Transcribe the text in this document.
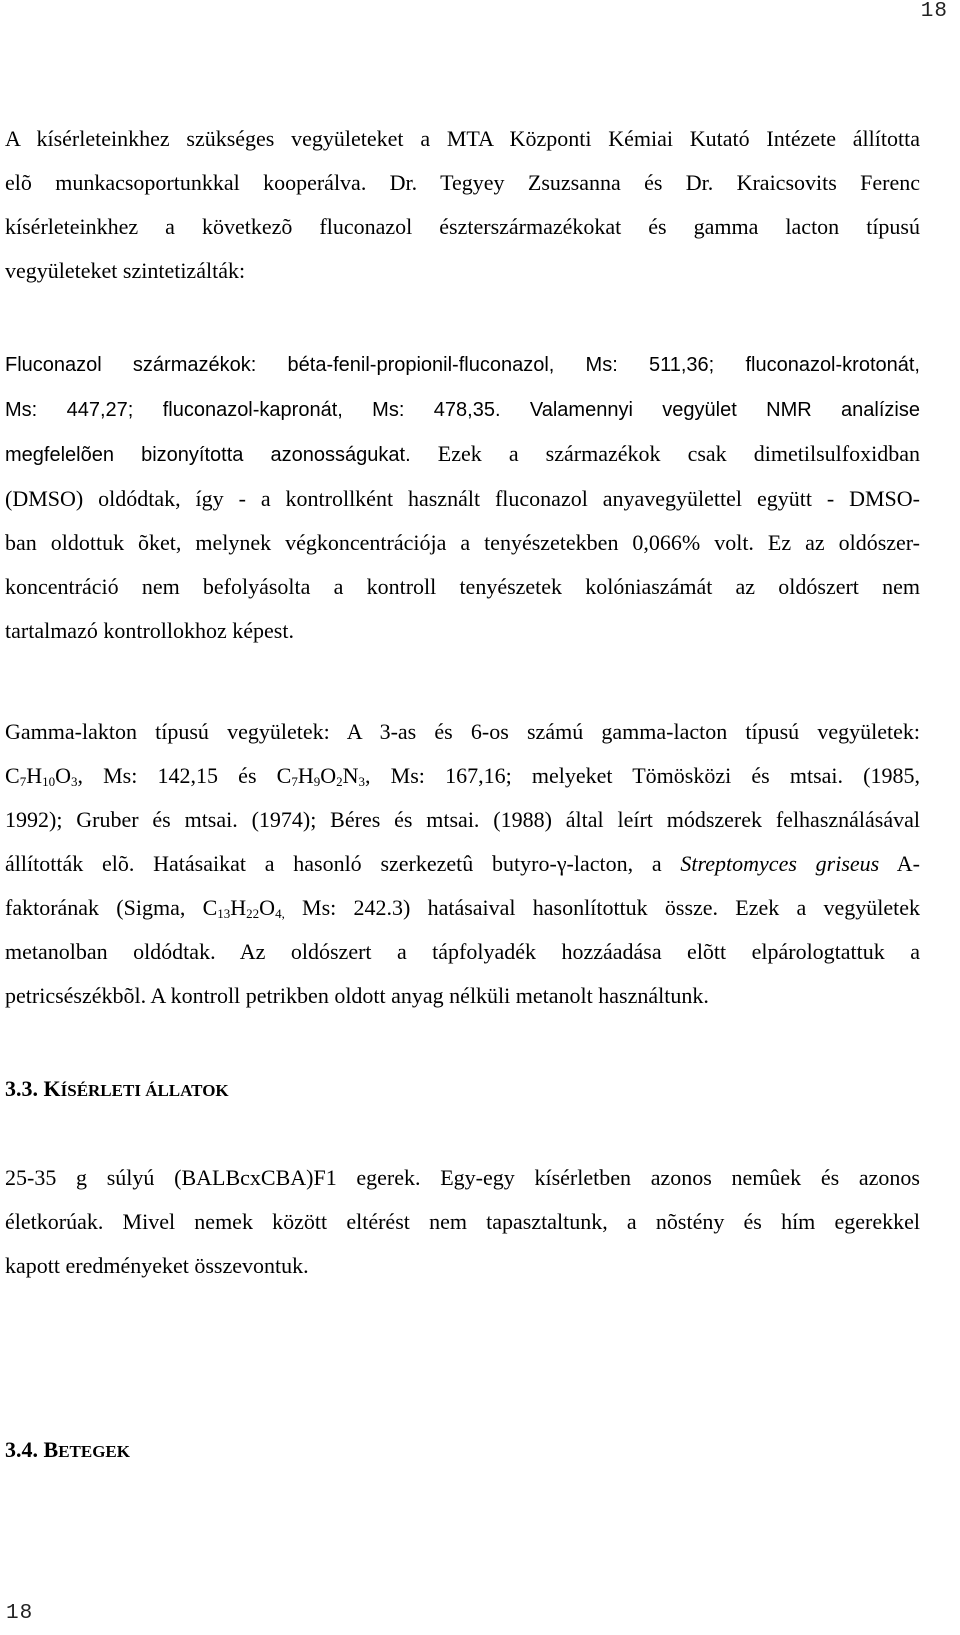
18
A kísérleteinkhez szükséges vegyületeket a MTA Központi Kémiai Kutató Intézete állította
elõ munkacsoportunkkal kooperálva. Dr. Tegyey Zsuzsanna és Dr. Kraicsovits Ferenc
kísérleteinkhez a következõ fluconazol észterszármazékokat és gamma lacton típusú
vegyületeket szintetizálták:
Fluconazol származékok: béta-fenil-propionil-fluconazol, Ms: 511,36; fluconazol-krotonát,
Ms: 447,27; fluconazol-kapronát, Ms: 478,35. Valamennyi vegyület NMR analízise
megfelelõen bizonyította azonosságukat. Ezek a származékok csak dimetilsulfoxidban
(DMSO) oldódtak, így - a kontrollként használt fluconazol anyavegyülettel együtt - DMSO-
ban oldottuk õket, melynek végkoncentrációja a tenyészetekben 0,066% volt. Ez az oldószer-
koncentráció nem befolyásolta a kontroll tenyészetek kolóniaszámát az oldószert nem
tartalmazó kontrollokhoz képest.
Gamma-lakton típusú vegyületek: A 3-as és 6-os számú gamma-lacton típusú vegyületek:
$C_7H_{10}O_3$, Ms: 142,15 és $C_7H_9O_2N_3$, Ms: 167,16; melyeket Tömösközi és mtsai. (1985,
1992); Gruber és mtsai. (1974); Béres és mtsai. (1988) által leírt módszerek felhasználásával
állították elõ. Hatásaikat a hasonló szerkezetû butyro-γ-lacton, a Streptomyces griseus A-
faktorának (Sigma, $C_{13}H_{22}O_{4,}$ Ms: 242.3) hatásaival hasonlítottuk össze. Ezek a vegyületek
metanolban oldódtak. Az oldószert a tápfolyadék hozzáadása elõtt elpárologtattuk a
petricsészékbõl. A kontroll petrikben oldott anyag nélküli metanolt használtunk.
3.3. KÍSÉRLETI ÁLLATOK
25-35 g súlyú (BALBcxCBA)F1 egerek. Egy-egy kísérletben azonos nemûek és azonos
életkorúak. Mivel nemek között eltérést nem tapasztaltunk, a nõstény és hím egerekkel
kapott eredményeket összevontuk.
3.4. BETEGEK
18
